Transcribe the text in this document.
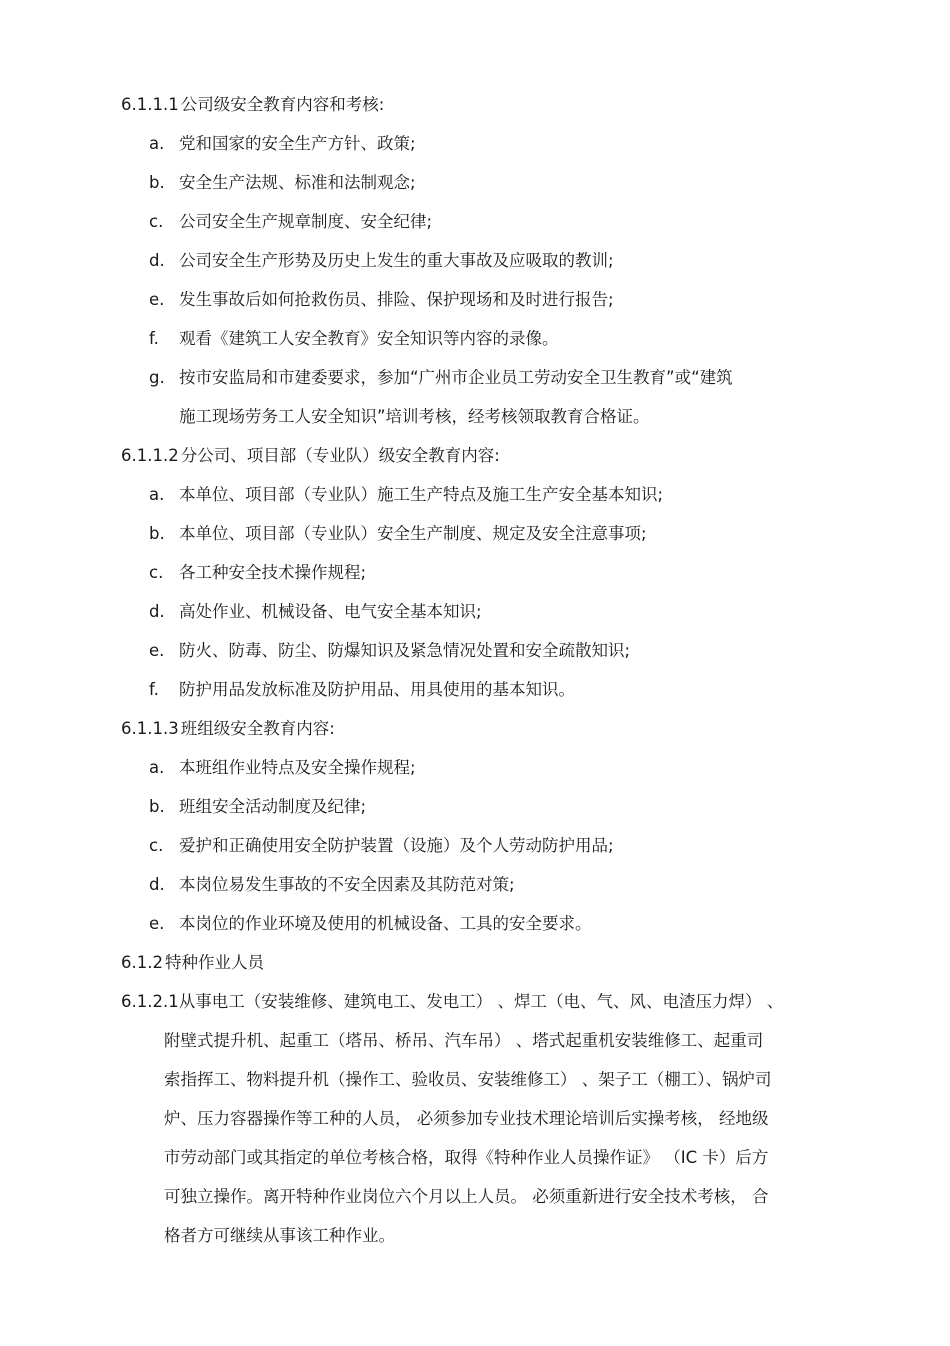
6.1.1.1 公司级安全教育内容和考核:
a. 党和国家的安全生产方针、政策;
b. 安全生产法规、标准和法制观念;
c. 公司安全生产规章制度、安全纪律;
d. 公司安全生产形势及历史上发生的重大事故及应吸取的教训;
e. 发生事故后如何抢救伤员、排险、保护现场和及时进行报告;
f. 观看《建筑工人安全教育》安全知识等内容的录像。
g. 按市安监局和市建委要求，参加“广州市企业员工劳动安全卫生教育”或“建筑
施工现场劳务工人安全知识”培训考核，经考核领取教育合格证。
6.1.1.2 分公司、项目部（专业队）级安全教育内容:
a. 本单位、项目部（专业队）施工生产特点及施工生产安全基本知识;
b. 本单位、项目部（专业队）安全生产制度、规定及安全注意事项;
c. 各工种安全技术操作规程;
d. 高处作业、机械设备、电气安全基本知识;
e. 防火、防毒、防尘、防爆知识及紧急情况处置和安全疏散知识;
f. 防护用品发放标准及防护用品、用具使用的基本知识。
6.1.1.3 班组级安全教育内容:
a. 本班组作业特点及安全操作规程;
b. 班组安全活动制度及纪律;
c. 爱护和正确使用安全防护装置（设施）及个人劳动防护用品;
d. 本岗位易发生事故的不安全因素及其防范对策;
e. 本岗位的作业环境及使用的机械设备、工具的安全要求。
6.1.2 特种作业人员
6.1.2.1从事电工（安装维修、建筑电工、发电工） 、焊工（电、气、风、电渣压力焊） 、
附壁式提升机、起重工（塔吊、桥吊、汽车吊） 、塔式起重机安装维修工、起重司
索指挥工、物料提升机（操作工、验收员、安装维修工） 、架子工（棚工）、锅炉司
炉、压力容器操作等工种的人员， 必须参加专业技术理论培训后实操考核， 经地级
市劳动部门或其指定的单位考核合格，取得《特种作业人员操作证》 （IC 卡）后方
可独立操作。离开特种作业岗位六个月以上人员。 必须重新进行安全技术考核， 合
格者方可继续从事该工种作业。
